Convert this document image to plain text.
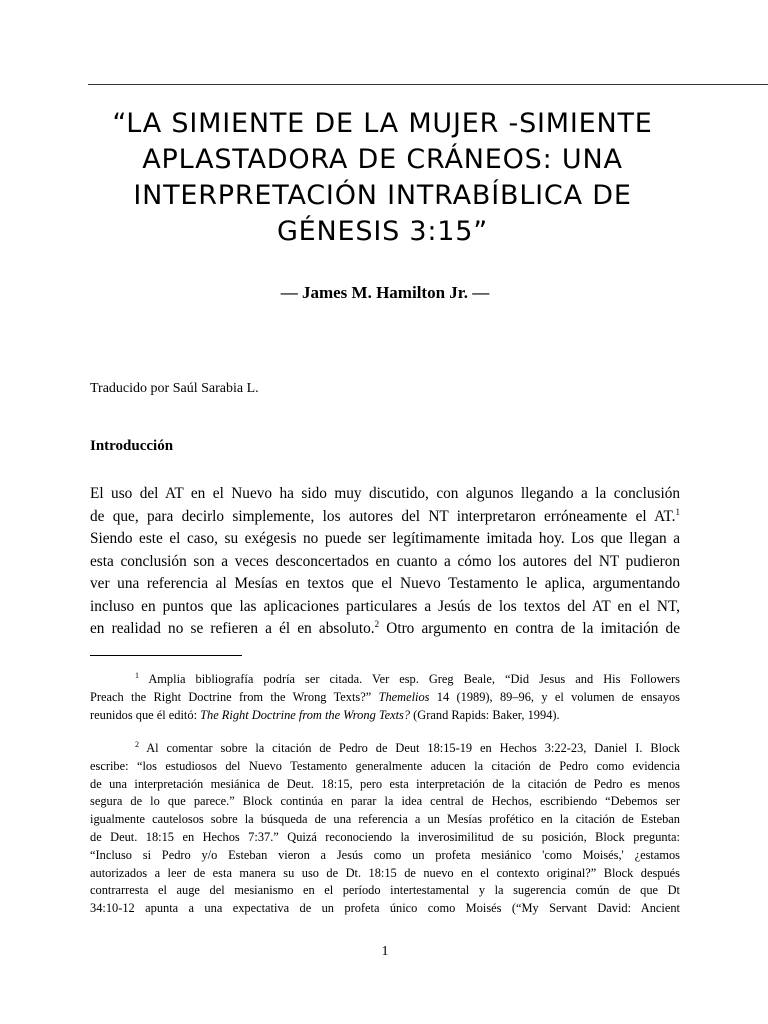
“LA SIMIENTE DE LA MUJER -SIMIENTE
APLASTADORA DE CRÁNEOS: UNA
INTERPRETACIÓN INTRABÍBLICA DE
GÉNESIS 3:15”
— James M. Hamilton Jr. —
Traducido por Saúl Sarabia L.
Introducción
El uso del AT en el Nuevo ha sido muy discutido, con algunos llegando a la conclusión
de que, para decirlo simplemente, los autores del NT interpretaron erróneamente el AT.$^1$
Siendo este el caso, su exégesis no puede ser legítimamente imitada hoy. Los que llegan a
esta conclusión son a veces desconcertados en cuanto a cómo los autores del NT pudieron
ver una referencia al Mesías en textos que el Nuevo Testamento le aplica, argumentando
incluso en puntos que las aplicaciones particulares a Jesús de los textos del AT en el NT,
en realidad no se refieren a él en absoluto.$^2$ Otro argumento en contra de la imitación de
$^1$ Amplia bibliografía podría ser citada. Ver esp. Greg Beale, “Did Jesus and His Followers
Preach the Right Doctrine from the Wrong Texts?” Themelios 14 (1989), 89–96, y el volumen de ensayos
reunidos que él editó: The Right Doctrine from the Wrong Texts? (Grand Rapids: Baker, 1994).
$^2$ Al comentar sobre la citación de Pedro de Deut 18:15-19 en Hechos 3:22-23, Daniel I. Block
escribe: “los estudiosos del Nuevo Testamento generalmente aducen la citación de Pedro como evidencia
de una interpretación mesiánica de Deut. 18:15, pero esta interpretación de la citación de Pedro es menos
segura de lo que parece.” Block continúa en parar la idea central de Hechos, escribiendo “Debemos ser
igualmente cautelosos sobre la búsqueda de una referencia a un Mesías profético en la citación de Esteban
de Deut. 18:15 en Hechos 7:37.” Quizá reconociendo la inverosimilitud de su posición, Block pregunta:
“Incluso si Pedro y/o Esteban vieron a Jesús como un profeta mesiánico 'como Moisés,' ¿estamos
autorizados a leer de esta manera su uso de Dt. 18:15 de nuevo en el contexto original?” Block después
contrarresta el auge del mesianismo en el período intertestamental y la sugerencia común de que Dt
34:10-12 apunta a una expectativa de un profeta único como Moisés (“My Servant David: Ancient
1
